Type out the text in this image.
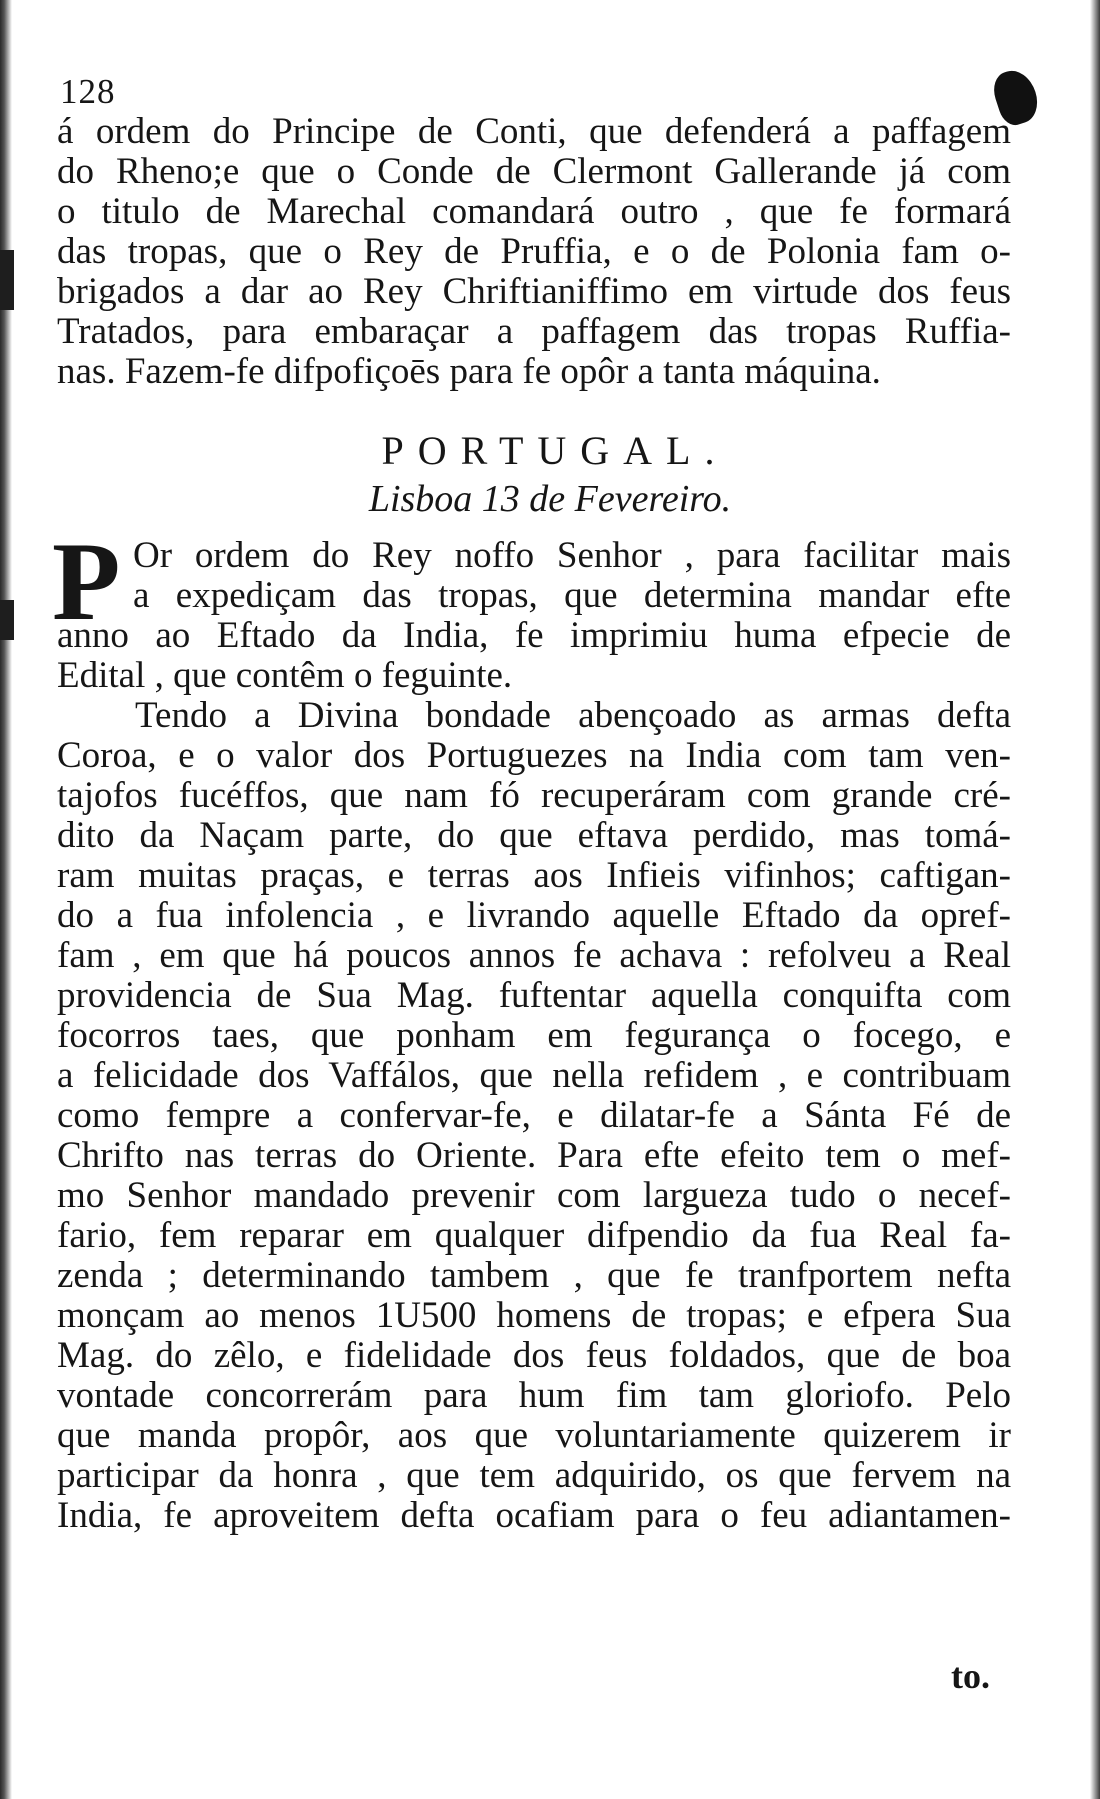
128
á ordem do Principe de Conti, que defenderá a paffagem
do Rheno;e que o Conde de Clermont Gallerande já com
o titulo de Marechal comandará outro , que fe formará
das tropas, que o Rey de Pruffia, e o de Polonia fam o-
brigados a dar ao Rey Chriftianiffimo em virtude dos feus
Tratados, para embaraçar a paffagem das tropas Ruffia-
nas. Fazem-fe difpofiçoēs para fe opôr a tanta máquina.
PORTUGAL.
Lisboa 13 de Fevereiro.
P Or ordem do Rey noffo Senhor , para facilitar mais
a expediçam das tropas, que determina mandar efte
anno ao Eftado da India, fe imprimiu huma efpecie de
Edital , que contêm o feguinte.
Tendo a Divina bondade abençoado as armas defta
Coroa, e o valor dos Portuguezes na India com tam ven-
tajofos fucéffos, que nam fó recuperáram com grande cré-
dito da Naçam parte, do que eftava perdido, mas tomá-
ram muitas praças, e terras aos Infieis vifinhos; caftigan-
do a fua infolencia , e livrando aquelle Eftado da opref-
fam , em que há poucos annos fe achava : refolveu a Real
providencia de Sua Mag. fuftentar aquella conquifta com
focorros taes, que ponham em fegurança o focego, e
a felicidade dos Vaffálos, que nella refidem , e contribuam
como fempre a confervar-fe, e dilatar-fe a Sánta Fé de
Chrifto nas terras do Oriente. Para efte efeito tem o mef-
mo Senhor mandado prevenir com largueza tudo o necef-
fario, fem reparar em qualquer difpendio da fua Real fa-
zenda ; determinando tambem , que fe tranfportem nefta
monçam ao menos 1U500 homens de tropas; e efpera Sua
Mag. do zêlo, e fidelidade dos feus foldados, que de boa
vontade concorrerám para hum fim tam gloriofo. Pelo
que manda propôr, aos que voluntariamente quizerem ir
participar da honra , que tem adquirido, os que fervem na
India, fe aproveitem defta ocafiam para o feu adiantamen-
to.
